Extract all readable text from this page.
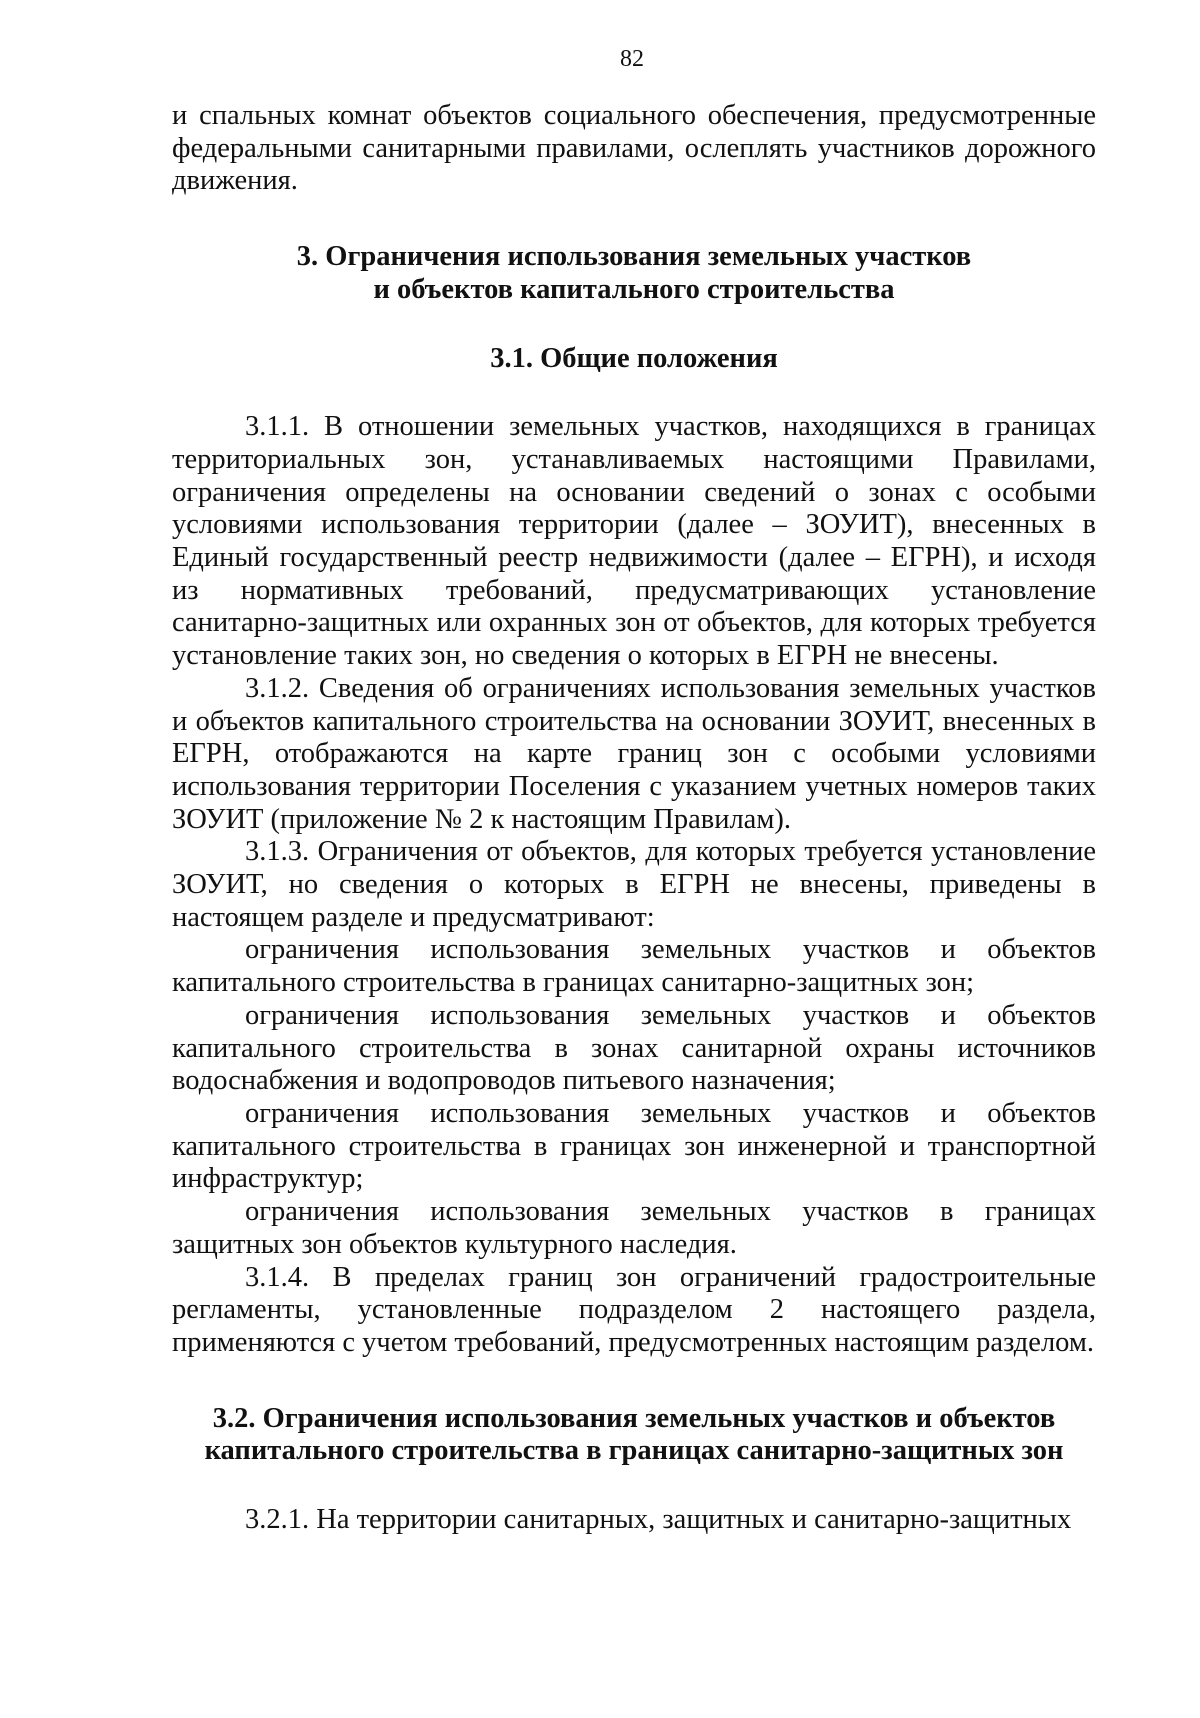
82

и спальных комнат объектов социального обеспечения, предусмотренные федеральными санитарными правилами, ослеплять участников дорожного движения.

3. Ограничения использования земельных участков
и объектов капитального строительства
3.1. Общие положения

3.1.1. В отношении земельных участков, находящихся в границах территориальных зон, устанавливаемых настоящими Правилами, ограничения определены на основании сведений о зонах с особыми условиями использования территории (далее – ЗОУИТ), внесенных в Единый государственный реестр недвижимости (далее – ЕГРН), и исходя из нормативных требований, предусматривающих установление санитарно-защитных или охранных зон от объектов, для которых требуется установление таких зон, но сведения о которых в ЕГРН не внесены.

3.1.2. Сведения об ограничениях использования земельных участков и объектов капитального строительства на основании ЗОУИТ, внесенных в ЕГРН, отображаются на карте границ зон с особыми условиями использования территории Поселения с указанием учетных номеров таких ЗОУИТ (приложение № 2 к настоящим Правилам).

3.1.3. Ограничения от объектов, для которых требуется установление ЗОУИТ, но сведения о которых в ЕГРН не внесены, приведены в настоящем разделе и предусматривают:

ограничения использования земельных участков и объектов капитального строительства в границах санитарно-защитных зон;

ограничения использования земельных участков и объектов капитального строительства в зонах санитарной охраны источников водоснабжения и водопроводов питьевого назначения;

ограничения использования земельных участков и объектов капитального строительства в границах зон инженерной и транспортной инфраструктур;

ограничения использования земельных участков в границах защитных зон объектов культурного наследия.

3.1.4. В пределах границ зон ограничений градостроительные регламенты, установленные подразделом 2 настоящего раздела, применяются с учетом требований, предусмотренных настоящим разделом.

3.2. Ограничения использования земельных участков и объектов
капитального строительства в границах санитарно-защитных зон

3.2.1. На территории санитарных, защитных и санитарно-защитных
